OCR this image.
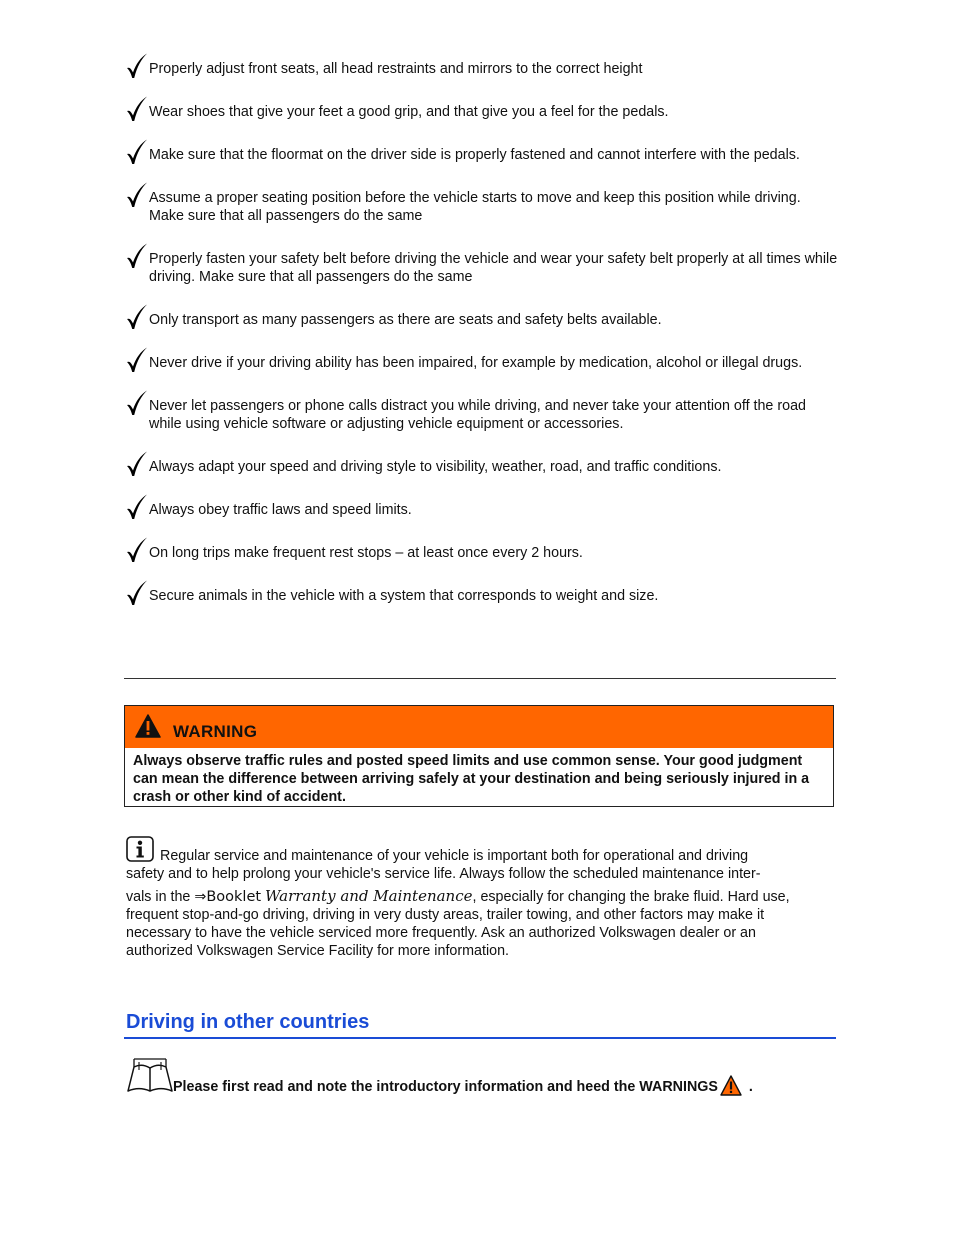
Properly adjust front seats, all head restraints and mirrors to the correct height
Wear shoes that give your feet a good grip, and that give you a feel for the pedals.
Make sure that the floormat on the driver side is properly fastened and cannot interfere with the pedals.
Assume a proper seating position before the vehicle starts to move and keep this position while driving. Make sure that all passengers do the same
Properly fasten your safety belt before driving the vehicle and wear your safety belt properly at all times while driving. Make sure that all passengers do the same
Only transport as many passengers as there are seats and safety belts available.
Never drive if your driving ability has been impaired, for example by medication, alcohol or illegal drugs.
Never let passengers or phone calls distract you while driving, and never take your attention off the road while using vehicle software or adjusting vehicle equipment or accessories.
Always adapt your speed and driving style to visibility, weather, road, and traffic conditions.
Always obey traffic laws and speed limits.
On long trips make frequent rest stops – at least once every 2 hours.
Secure animals in the vehicle with a system that corresponds to weight and size.
WARNING
Always observe traffic rules and posted speed limits and use common sense. Your good judgment can mean the difference between arriving safely at your destination and being seriously injured in a crash or other kind of accident.
Regular service and maintenance of your vehicle is important both for operational and driving
safety and to help prolong your vehicle's service life. Always follow the scheduled maintenance inter-
vals in the ⇒Booklet Warranty and Maintenance, especially for changing the brake fluid. Hard use,
frequent stop-and-go driving, driving in very dusty areas, trailer towing, and other factors may make it
necessary to have the vehicle serviced more frequently. Ask an authorized Volkswagen dealer or an
authorized Volkswagen Service Facility for more information.
Driving in other countries
Please first read and note the introductory information and heed the WARNINGS .
